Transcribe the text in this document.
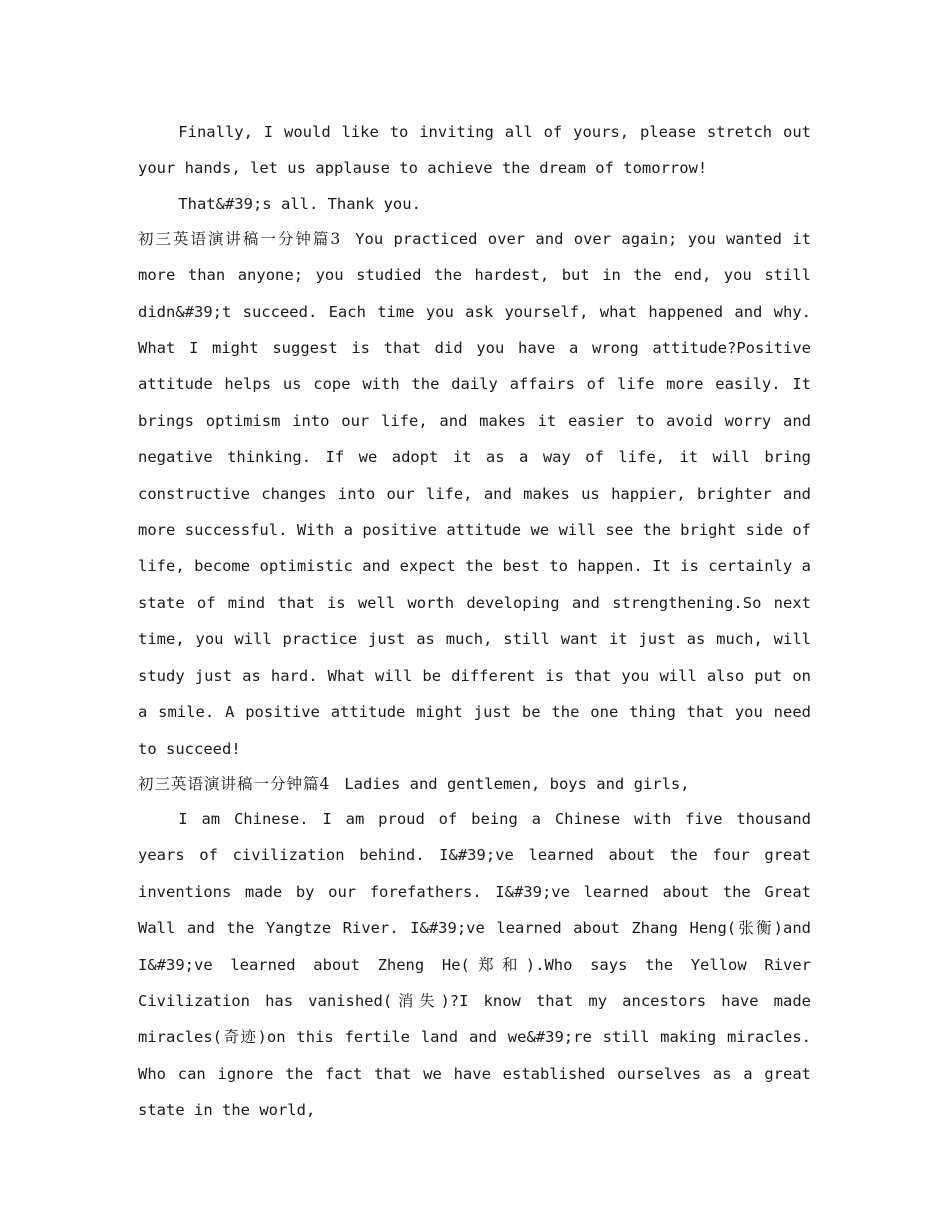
Finally, I would like to inviting all of yours, please stretch out your hands, let us applause to achieve the dream of tomorrow!

That&#39;s all. Thank you.

初三英语演讲稿一分钟篇3 You practiced over and over again; you wanted it more than anyone; you studied the hardest, but in the end, you still didn&#39;t succeed. Each time you ask yourself, what happened and why. What I might suggest is that did you have a wrong attitude?Positive attitude helps us cope with the daily affairs of life more easily. It brings optimism into our life, and makes it easier to avoid worry and negative thinking. If we adopt it as a way of life, it will bring constructive changes into our life, and makes us happier, brighter and more successful. With a positive attitude we will see the bright side of life, become optimistic and expect the best to happen. It is certainly a state of mind that is well worth developing and strengthening.So next time, you will practice just as much, still want it just as much, will study just as hard. What will be different is that you will also put on a smile. A positive attitude might just be the one thing that you need to succeed!

初三英语演讲稿一分钟篇4 Ladies and gentlemen, boys and girls,

I am Chinese. I am proud of being a Chinese with five thousand years of civilization behind. I&#39;ve learned about the four great inventions made by our forefathers. I&#39;ve learned about the Great Wall and the Yangtze River. I&#39;ve learned about Zhang Heng(张衡)and I&#39;ve learned about Zheng He(郑和).Who says the Yellow River Civilization has vanished(消失)?I know that my ancestors have made miracles(奇迹)on this fertile land and we&#39;re still making miracles. Who can ignore the fact that we have established ourselves as a great state in the world,
